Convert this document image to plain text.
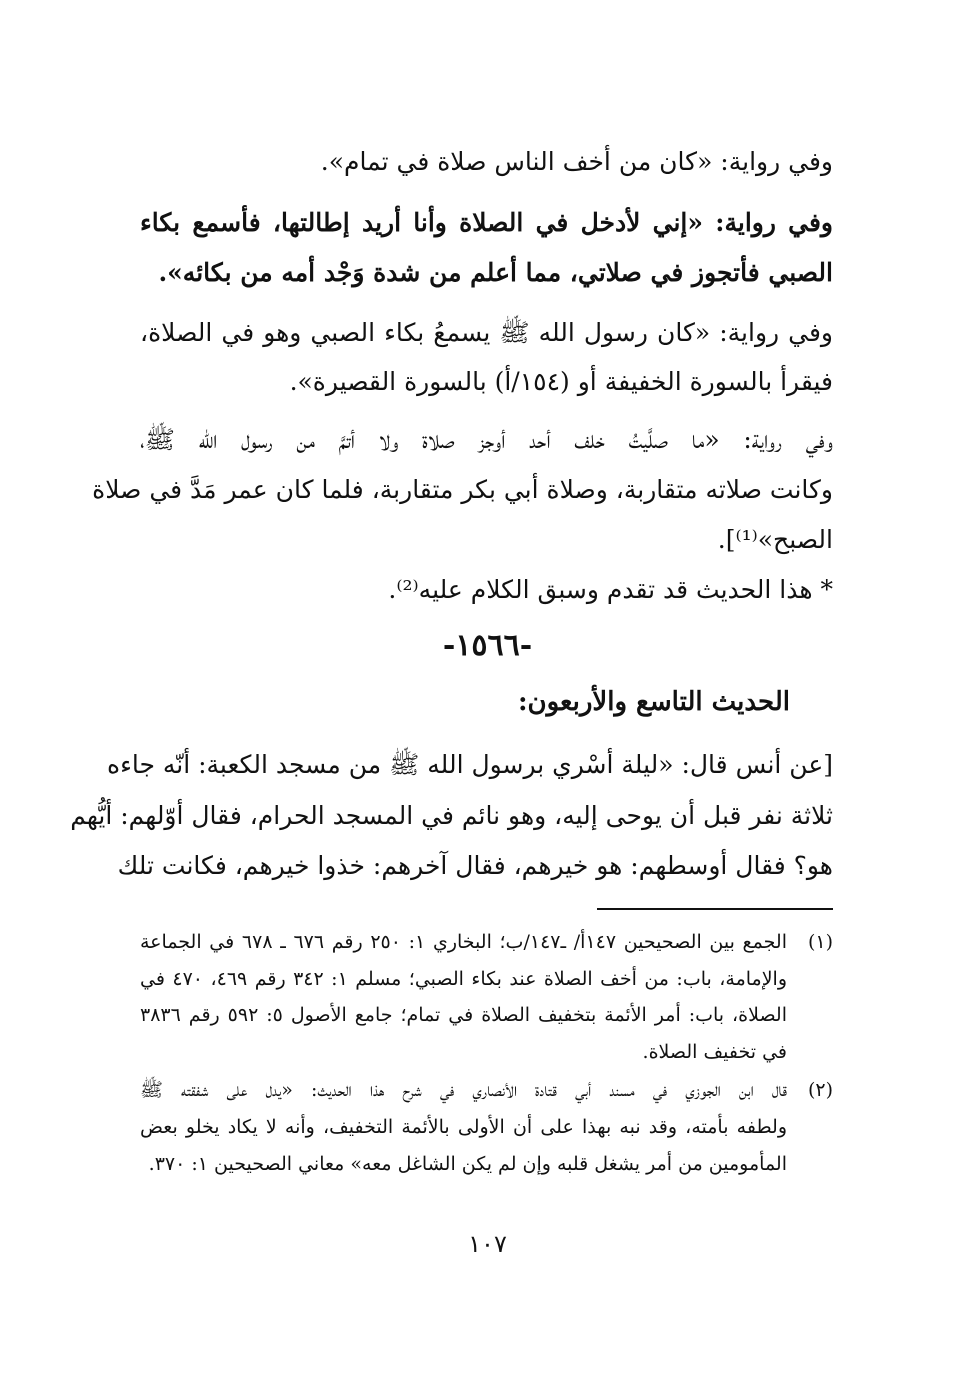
وفي رواية: «كان من أخف الناس صلاة في تمام».
وفي رواية: «إني لأدخل في الصلاة وأنا أريد إطالتها، فأسمع بكاء
الصبي فأتجوز في صلاتي، مما أعلم من شدة وَجْد أمه من بكائه».
وفي رواية: «كان رسول الله ﷺ يسمعُ بكاء الصبي وهو في الصلاة،
فيقرأ بالسورة الخفيفة أو (١٥٤/أ) بالسورة القصيرة».
وفي رواية: «ما صلَّيتُ خلف أحد أوجز صلاة ولا أتمَّ من رسول الله ﷺ،
وكانت صلاته متقاربة، وصلاة أبي بكر متقاربة، فلما كان عمر مَدَّ في صلاة
الصبح»⁽¹⁾].
* هذا الحديث قد تقدم وسبق الكلام عليه⁽²⁾.
-١٥٦٦-
الحديث التاسع والأربعون:
[عن أنس قال: «ليلة أسْري برسول الله ﷺ من مسجد الكعبة: أنّه جاءه
ثلاثة نفر قبل أن يوحى إليه، وهو نائم في المسجد الحرام، فقال أوّلهم: أيُّهم
هو؟ فقال أوسطهم: هو خيرهم، فقال آخرهم: خذوا خيرهم، فكانت تلك
(١)الجمع بين الصحيحين ١٤٧أ/ ـ١٤٧/ب؛ البخاري ١: ٢٥٠ رقم ٦٧٦ ـ ٦٧٨ في الجماعة
والإمامة، باب: من أخف الصلاة عند بكاء الصبي؛ مسلم ١: ٣٤٢ رقم ٤٦٩، ٤٧٠ في
الصلاة، باب: أمر الأئمة بتخفيف الصلاة في تمام؛ جامع الأصول ٥: ٥٩٢ رقم ٣٨٣٦
في تخفيف الصلاة.
(٢)قال ابن الجوزي في مسند أبي قتادة الأنصاري في شرح هذا الحديث: «يدل على شفقته ﷺ
ولطفه بأمته، وقد نبه بهذا على أن الأولى بالأئمة التخفيف، وأنه لا يكاد يخلو بعض
المأمومين من أمر يشغل قلبه وإن لم يكن الشاغل معه» معاني الصحيحين ١: ٣٧٠.
١٠٧
